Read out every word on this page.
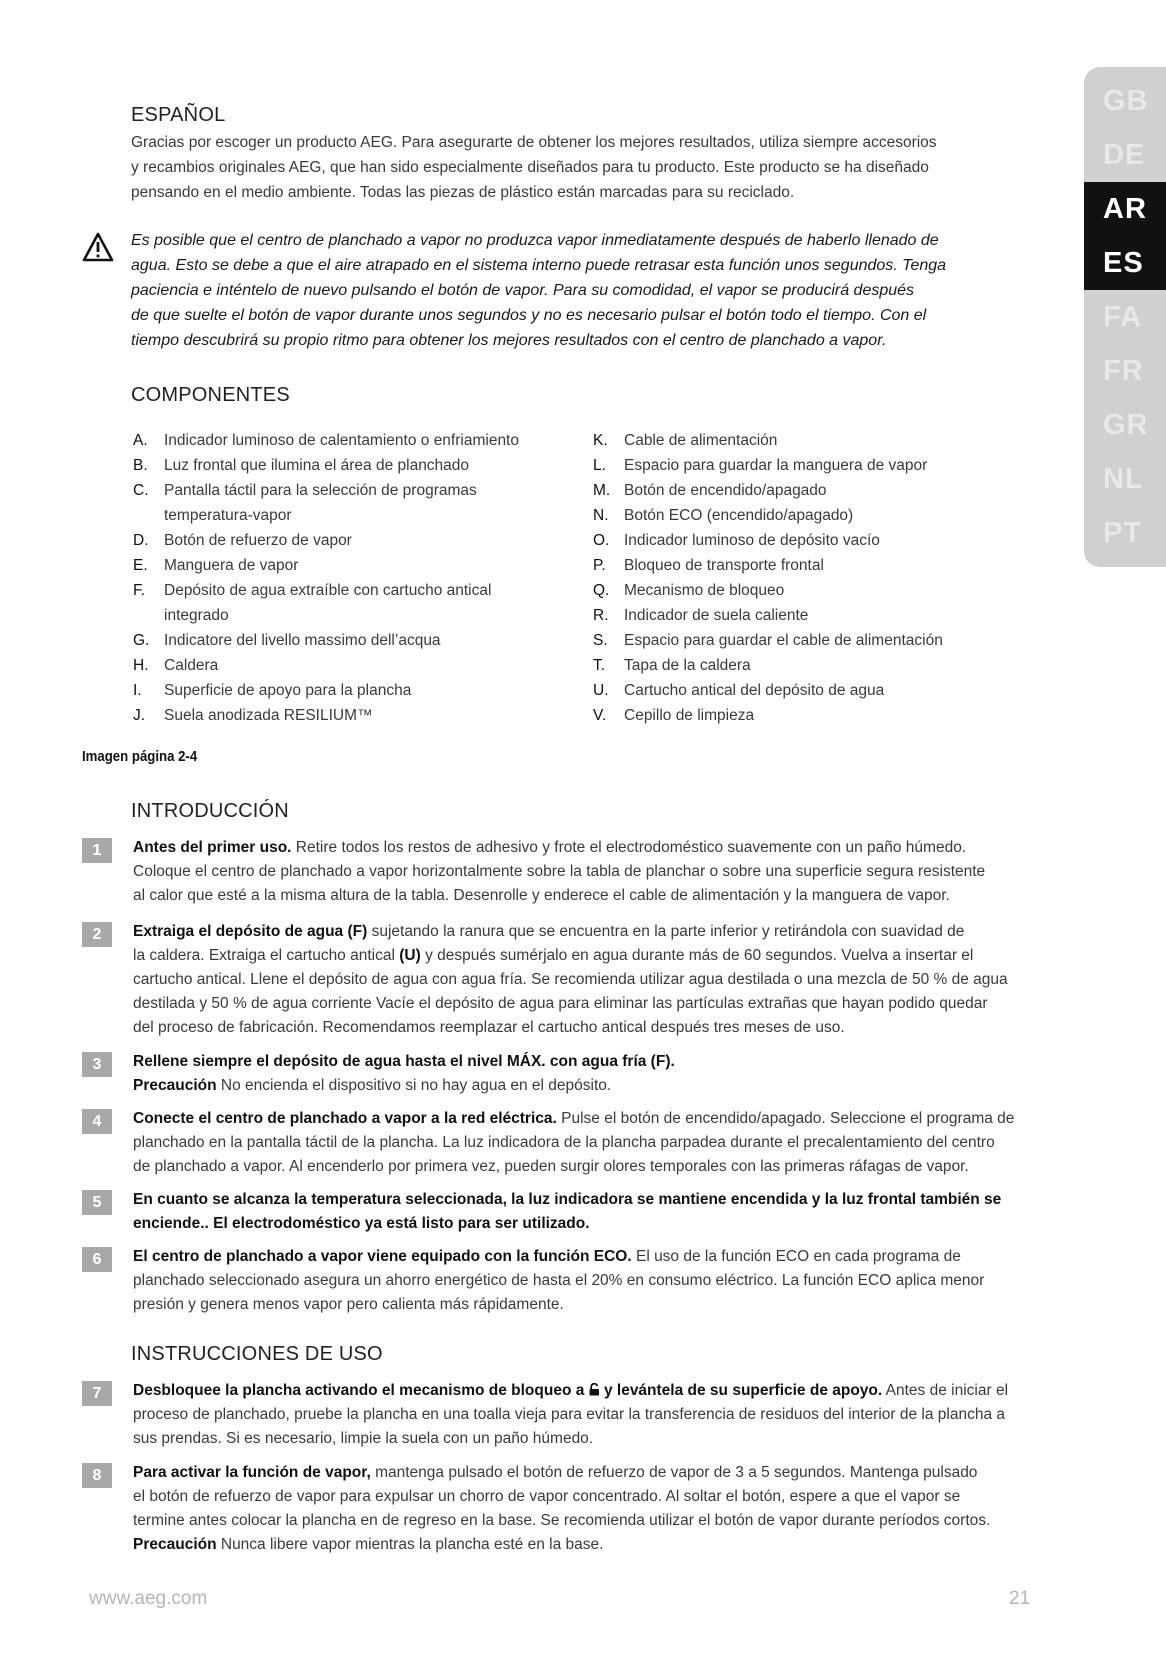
GB
DE
AR
ES
FA
FR
GR
NL
PT
ESPAÑOL
Gracias por escoger un producto AEG. Para asegurarte de obtener los mejores resultados, utiliza siempre accesorios
y recambios originales AEG, que han sido especialmente diseñados para tu producto. Este producto se ha diseñado
pensando en el medio ambiente. Todas las piezas de plástico están marcadas para su reciclado.
Es posible que el centro de planchado a vapor no produzca vapor inmediatamente después de haberlo llenado de
agua. Esto se debe a que el aire atrapado en el sistema interno puede retrasar esta función unos segundos. Tenga
paciencia e inténtelo de nuevo pulsando el botón de vapor. Para su comodidad, el vapor se producirá después
de que suelte el botón de vapor durante unos segundos y no es necesario pulsar el botón todo el tiempo. Con el
tiempo descubrirá su propio ritmo para obtener los mejores resultados con el centro de planchado a vapor.
COMPONENTES
A.	Indicador luminoso de calentamiento o enfriamiento
B.	Luz frontal que ilumina el área de planchado
C.	Pantalla táctil para la selección de programas
temperatura-vapor
D.	Botón de refuerzo de vapor
E.	Manguera de vapor
F.	Depósito de agua extraíble con cartucho antical
integrado
G. Indicatore del livello massimo dell’acqua
H.	Caldera
I.	Superficie de apoyo para la plancha
J.	Suela anodizada RESILIUM™
K.	Cable de alimentación
L.	Espacio para guardar la manguera de vapor
M. Botón de encendido/apagado
N.	Botón ECO (encendido/apagado)
O. Indicador luminoso de depósito vacío
P.	Bloqueo de transporte frontal
Q. Mecanismo de bloqueo
R.	Indicador de suela caliente
S.	Espacio para guardar el cable de alimentación
T.	Tapa de la caldera
U.	Cartucho antical del depósito de agua
V.	Cepillo de limpieza
Imagen página 2-4
INTRODUCCIÓN
1	Antes del primer uso. Retire todos los restos de adhesivo y frote el electrodoméstico suavemente con un paño húmedo.
Coloque el centro de planchado a vapor horizontalmente sobre la tabla de planchar o sobre una superficie segura resistente
al calor que esté a la misma altura de la tabla. Desenrolle y enderece el cable de alimentación y la manguera de vapor.
2	Extraiga el depósito de agua (F) sujetando la ranura que se encuentra en la parte inferior y retirándola con suavidad de
la caldera. Extraiga el cartucho antical (U) y después sumérjalo en agua durante más de 60 segundos. Vuelva a insertar el
cartucho antical. Llene el depósito de agua con agua fría. Se recomienda utilizar agua destilada o una mezcla de 50 % de agua
destilada y 50 % de agua corriente Vacíe el depósito de agua para eliminar las partículas extrañas que hayan podido quedar
del proceso de fabricación. Recomendamos reemplazar el cartucho antical después tres meses de uso.
3	Rellene siempre el depósito de agua hasta el nivel MÁX. con agua fría (F).
Precaución No encienda el dispositivo si no hay agua en el depósito.
4	Conecte el centro de planchado a vapor a la red eléctrica. Pulse el botón de encendido/apagado. Seleccione el programa de
planchado en la pantalla táctil de la plancha. La luz indicadora de la plancha parpadea durante el precalentamiento del centro
de planchado a vapor. Al encenderlo por primera vez, pueden surgir olores temporales con las primeras ráfagas de vapor.
5	En cuanto se alcanza la temperatura seleccionada, la luz indicadora se mantiene encendida y la luz frontal también se
enciende.. El electrodoméstico ya está listo para ser utilizado.
6	El centro de planchado a vapor viene equipado con la función ECO. El uso de la función ECO en cada programa de
planchado seleccionado asegura un ahorro energético de hasta el 20% en consumo eléctrico. La función ECO aplica menor
presión y genera menos vapor pero calienta más rápidamente.
INSTRUCCIONES DE USO
7	Desbloquee la plancha activando el mecanismo de bloqueo a  y levántela de su superficie de apoyo. Antes de iniciar el
proceso de planchado, pruebe la plancha en una toalla vieja para evitar la transferencia de residuos del interior de la plancha a
sus prendas. Si es necesario, limpie la suela con un paño húmedo.
8	Para activar la función de vapor, mantenga pulsado el botón de refuerzo de vapor de 3 a 5 segundos. Mantenga pulsado
el botón de refuerzo de vapor para expulsar un chorro de vapor concentrado. Al soltar el botón, espere a que el vapor se
termine antes colocar la plancha en de regreso en la base. Se recomienda utilizar el botón de vapor durante períodos cortos.
Precaución Nunca libere vapor mientras la plancha esté en la base.
www.aeg.com	21
